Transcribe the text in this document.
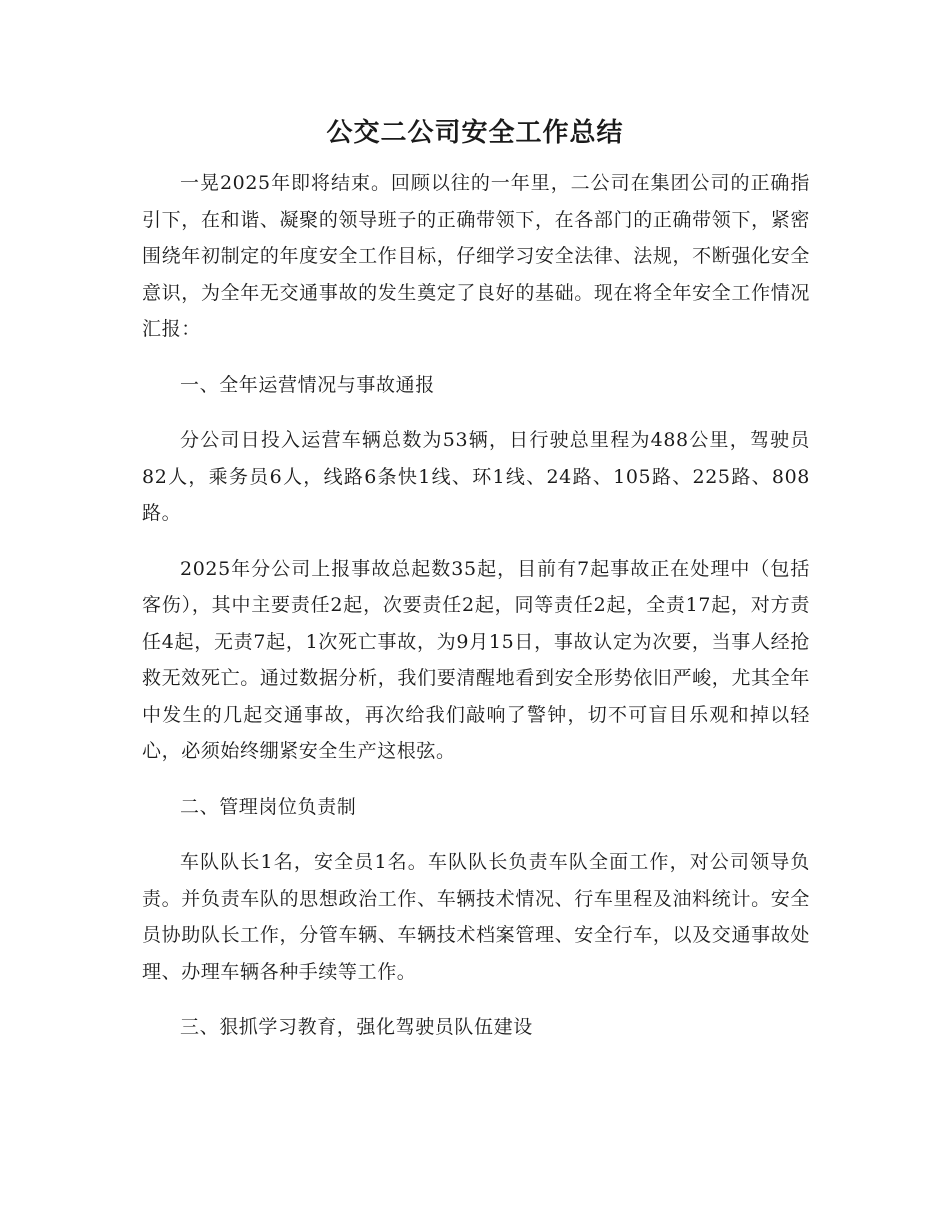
公交二公司安全工作总结

一晃2025年即将结束。回顾以往的一年里，二公司在集团公司的正确指引下，在和谐、凝聚的领导班子的正确带领下，在各部门的正确带领下，紧密围绕年初制定的年度安全工作目标，仔细学习安全法律、法规，不断强化安全意识，为全年无交通事故的发生奠定了良好的基础。现在将全年安全工作情况汇报：

一、全年运营情况与事故通报

分公司日投入运营车辆总数为53辆，日行驶总里程为488公里，驾驶员82人，乘务员6人，线路6条快1线、环1线、24路、105路、225路、808路。

2025年分公司上报事故总起数35起，目前有7起事故正在处理中（包括客伤），其中主要责任2起，次要责任2起，同等责任2起，全责17起，对方责任4起，无责7起，1次死亡事故，为9月15日，事故认定为次要，当事人经抢救无效死亡。通过数据分析，我们要清醒地看到安全形势依旧严峻，尤其全年中发生的几起交通事故，再次给我们敲响了警钟，切不可盲目乐观和掉以轻心，必须始终绷紧安全生产这根弦。

二、管理岗位负责制

车队队长1名，安全员1名。车队队长负责车队全面工作，对公司领导负责。并负责车队的思想政治工作、车辆技术情况、行车里程及油料统计。安全员协助队长工作，分管车辆、车辆技术档案管理、安全行车，以及交通事故处理、办理车辆各种手续等工作。

三、狠抓学习教育，强化驾驶员队伍建设
